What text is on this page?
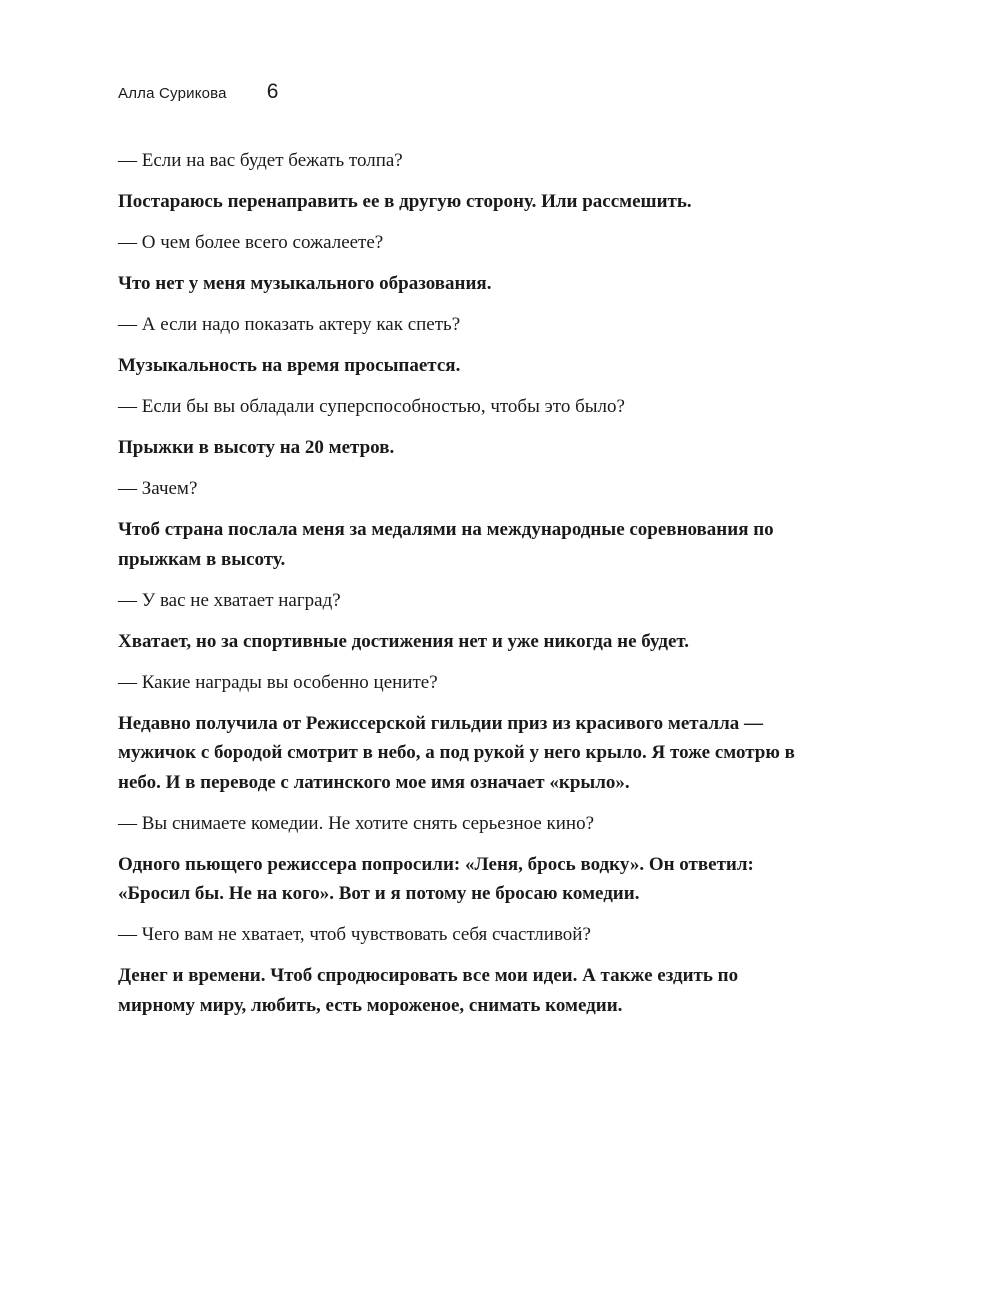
Алла Сурикова 6

— Если на вас будет бежать толпа?

Постараюсь перенаправить ее в другую сторону. Или рассмешить.

— О чем более всего сожалеете?

Что нет у меня музыкального образования.

— А если надо показать актеру как спеть?

Музыкальность на время просыпается.

— Если бы вы обладали суперспособностью, чтобы это было?

Прыжки в высоту на 20 метров.

— Зачем?

Чтоб страна послала меня за медалями на международные соревнования по прыжкам в высоту.

— У вас не хватает наград?

Хватает, но за спортивные достижения нет и уже никогда не будет.

— Какие награды вы особенно цените?

Недавно получила от Режиссерской гильдии приз из красивого металла — мужичок с бородой смотрит в небо, а под рукой у него крыло. Я тоже смотрю в небо. И в переводе с латинского мое имя означает «крыло».

— Вы снимаете комедии. Не хотите снять серьезное кино?

Одного пьющего режиссера попросили: «Леня, брось водку». Он ответил: «Бросил бы. Не на кого». Вот и я потому не бросаю комедии.

— Чего вам не хватает, чтоб чувствовать себя счастливой?

Денег и времени. Чтоб спродюсировать все мои идеи. А также ездить по мирному миру, любить, есть мороженое, снимать комедии.
